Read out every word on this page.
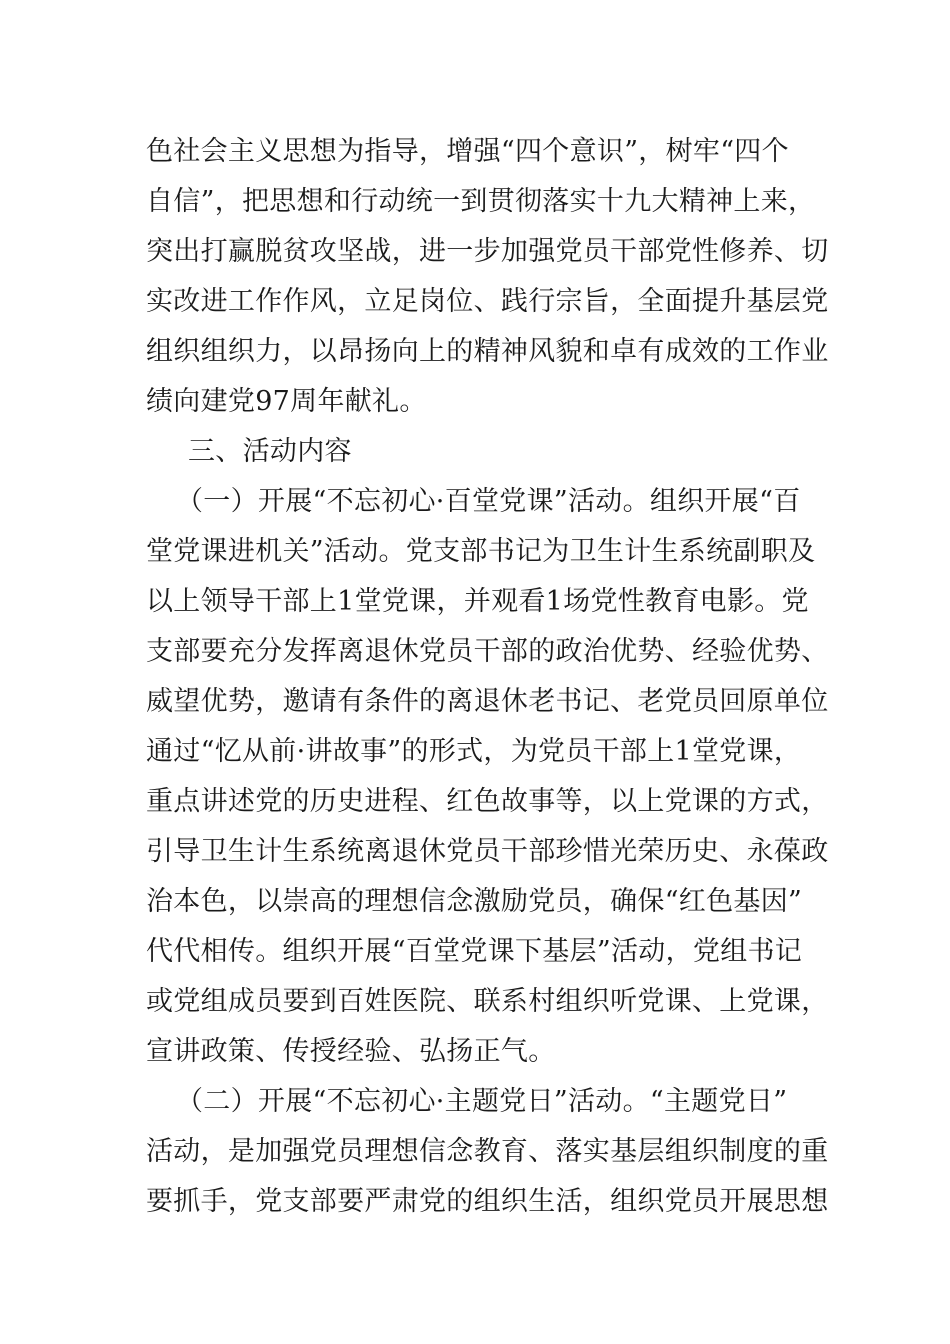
色社会主义思想为指导，增强“四个意识”，树牢“四个
自信”，把思想和行动统一到贯彻落实十九大精神上来，
突出打赢脱贫攻坚战，进一步加强党员干部党性修养、切
实改进工作作风，立足岗位、践行宗旨，全面提升基层党
组织组织力，以昂扬向上的精神风貌和卓有成效的工作业
绩向建党97周年献礼。
三、活动内容
（一）开展“不忘初心·百堂党课”活动。组织开展“百
堂党课进机关”活动。党支部书记为卫生计生系统副职及
以上领导干部上1堂党课，并观看1场党性教育电影。党
支部要充分发挥离退休党员干部的政治优势、经验优势、
威望优势，邀请有条件的离退休老书记、老党员回原单位
通过“忆从前·讲故事”的形式，为党员干部上1堂党课，
重点讲述党的历史进程、红色故事等，以上党课的方式，
引导卫生计生系统离退休党员干部珍惜光荣历史、永葆政
治本色，以崇高的理想信念激励党员，确保“红色基因”
代代相传。组织开展“百堂党课下基层”活动，党组书记
或党组成员要到百姓医院、联系村组织听党课、上党课，
宣讲政策、传授经验、弘扬正气。
（二）开展“不忘初心·主题党日”活动。“主题党日”
活动，是加强党员理想信念教育、落实基层组织制度的重
要抓手，党支部要严肃党的组织生活，组织党员开展思想
